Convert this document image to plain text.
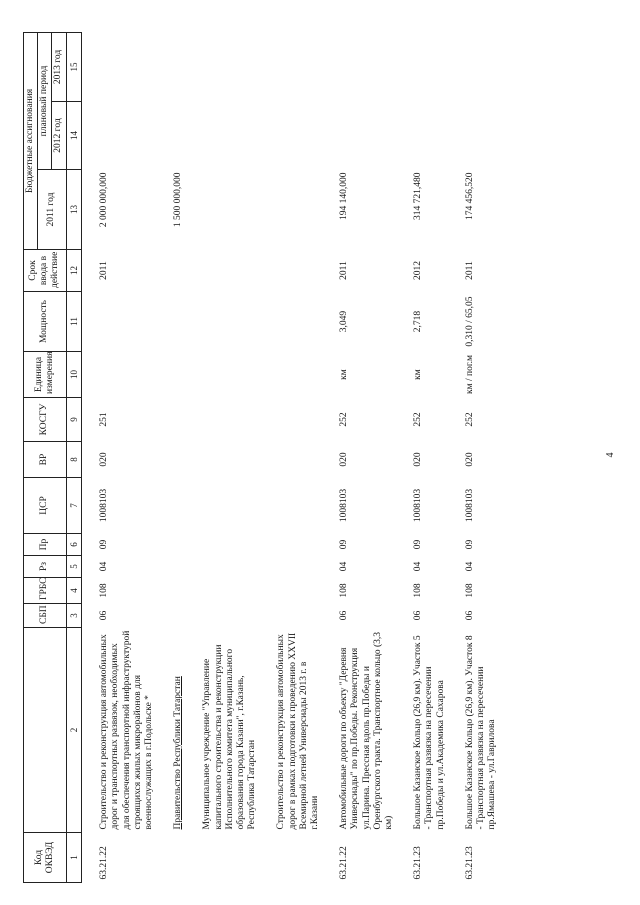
Код ОКВЭД		СБП	ГРБС	Рз	Пр	ЦСР	ВР	КОСГУ	Единица измерения	Мощность	Срок ввода в действие	Бюджетные ассигнования		
												2011 год	плановый период	
													2012 год	2013 год
1	2	3	4	5	6	7	8	9	10	11	12	13	14	15

63.21.22	Строительство и реконструкция автомобильных дорог и транспортных развязок, необходимых для обеспечения транспортной инфраструктурой строящихся жилых микрорайонов для военнослужащих в г.Подольске *	06	108	04	09	1008103	020	251			2011	2 000 000,000		

	Правительство Республики Татарстан											1 500 000,000		

	Муниципальное учреждение "Управление капитального строительства и реконструкции Исполнительного комитета муниципального образования города Казани", г.Казань, Республика Татарстан													

	Строительство и реконструкция автомобильных дорог в рамках подготовки к проведению XXVII Всемирной летней Универсиады 2013 г. в г.Казани													

63.21.22	Автомобильные дороги по объекту "Деревня Универсиады" по пр.Победы. Реконструкция ул.Парина. Прессная вдоль пр.Победы и Оренбургского тракта. Транспортное кольцо (3,3 км)	06	108	04	09	1008103	020	252	км	3,049	2011	194 140,000		

63.21.23	Большое Казанское Кольцо (26,9 км). Участок 5 - Транспортная развязка на пересечении пр.Победы и ул.Академика Сахарова	06	108	04	09	1008103	020	252	км	2,718	2012	314 721,480		

63.21.23	Большое Казанское Кольцо (26,9 км). Участок 8 - Транспортная развязка на пересечении пр.Ямашева - ул.Гаврилова	06	108	04	09	1008103	020	252	км / пог.м	0,310 / 65,05	2011	174 456,520		
4
